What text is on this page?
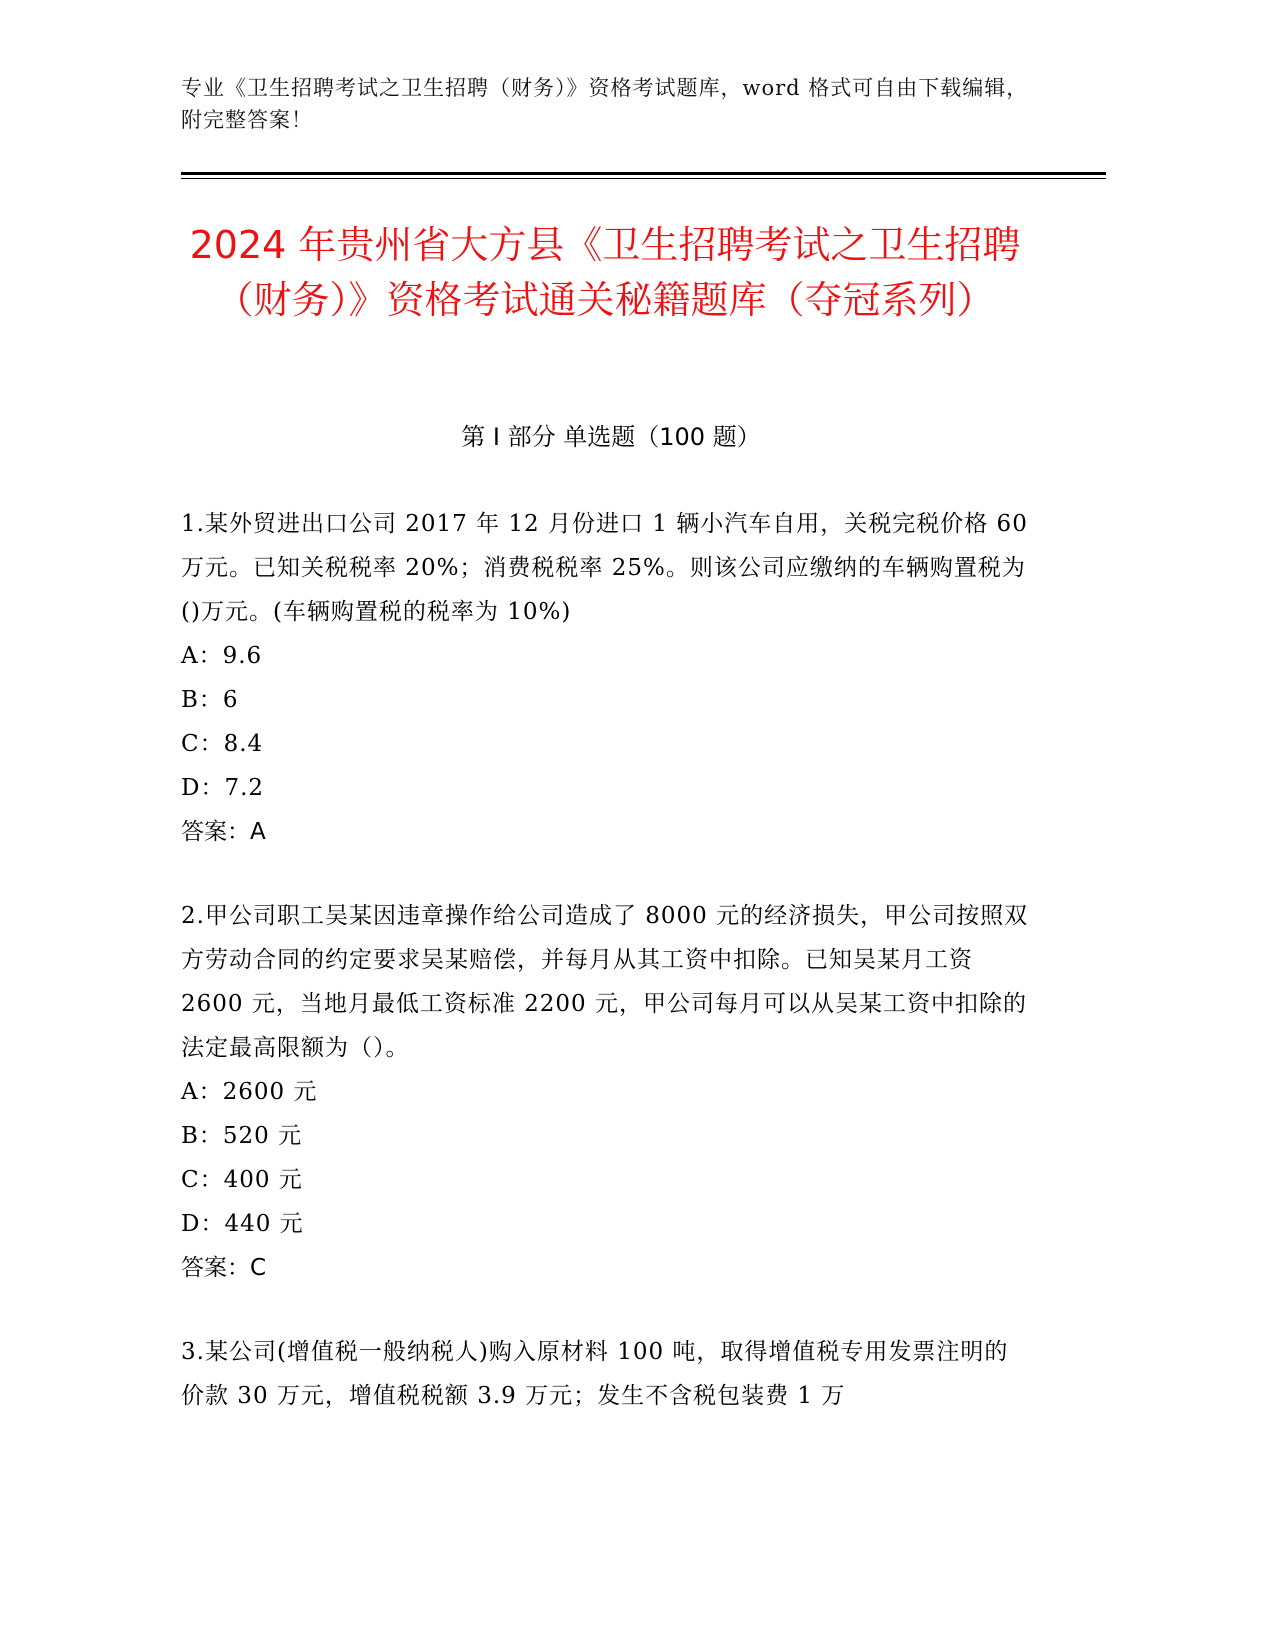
专业《卫生招聘考试之卫生招聘（财务）》资格考试题库，word 格式可自由下载编辑，附完整答案！
2024 年贵州省大方县《卫生招聘考试之卫生招聘（财务）》资格考试通关秘籍题库（夺冠系列）
第 I 部分 单选题（100 题）

1.某外贸进出口公司 2017 年 12 月份进口 1 辆小汽车自用，关税完税价格 60 万元。已知关税税率 20%；消费税税率 25%。则该公司应缴纳的车辆购置税为()万元。(车辆购置税的税率为 10%)

A：9.6

B：6

C：8.4

D：7.2

答案：A

2.甲公司职工吴某因违章操作给公司造成了 8000 元的经济损失，甲公司按照双方劳动合同的约定要求吴某赔偿，并每月从其工资中扣除。已知吴某月工资 2600 元，当地月最低工资标准 2200 元，甲公司每月可以从吴某工资中扣除的法定最高限额为（）。

A：2600 元

B：520 元

C：400 元

D：440 元

答案：C

3.某公司(增值税一般纳税人)购入原材料 100 吨，取得增值税专用发票注明的价款 30 万元，增值税税额 3.9 万元；发生不含税包装费 1 万
